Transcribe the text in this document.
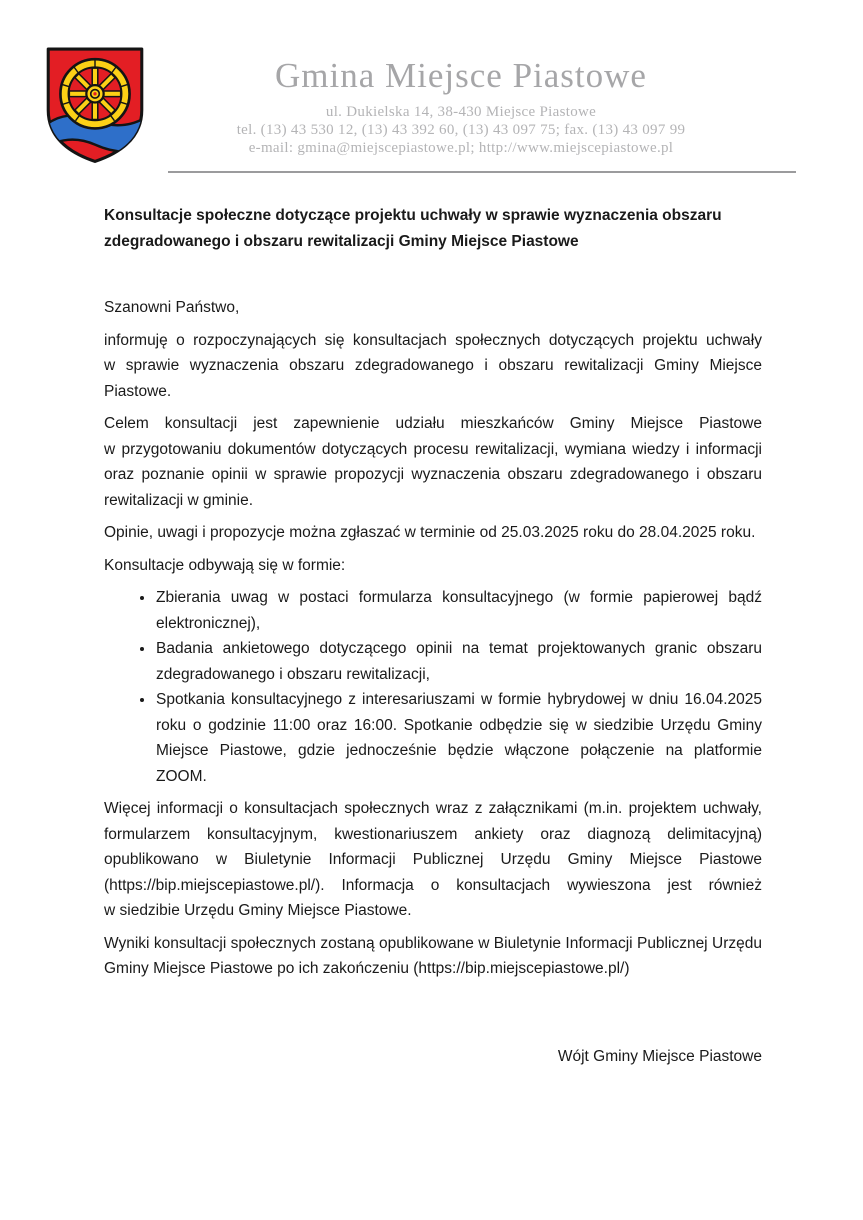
Gmina Miejsce Piastowe
ul. Dukielska 14, 38-430 Miejsce Piastowe
tel. (13) 43 530 12, (13) 43 392 60, (13) 43 097 75; fax. (13) 43 097 99
e-mail: gmina@miejscepiastowe.pl; http://www.miejscepiastowe.pl

Konsultacje społeczne dotyczące projektu uchwały w sprawie wyznaczenia obszaru zdegradowanego i obszaru rewitalizacji Gminy Miejsce Piastowe

Szanowni Państwo,

informuję o rozpoczynających się konsultacjach społecznych dotyczących projektu uchwały w sprawie wyznaczenia obszaru zdegradowanego i obszaru rewitalizacji Gminy Miejsce Piastowe.

Celem konsultacji jest zapewnienie udziału mieszkańców Gminy Miejsce Piastowe w przygotowaniu dokumentów dotyczących procesu rewitalizacji, wymiana wiedzy i informacji oraz poznanie opinii w sprawie propozycji wyznaczenia obszaru zdegradowanego i obszaru rewitalizacji w gminie.

Opinie, uwagi i propozycje można zgłaszać w terminie od 25.03.2025 roku do 28.04.2025 roku.

Konsultacje odbywają się w formie:

• Zbierania uwag w postaci formularza konsultacyjnego (w formie papierowej bądź elektronicznej),
• Badania ankietowego dotyczącego opinii na temat projektowanych granic obszaru zdegradowanego i obszaru rewitalizacji,
• Spotkania konsultacyjnego z interesariuszami w formie hybrydowej w dniu 16.04.2025 roku o godzinie 11:00 oraz 16:00. Spotkanie odbędzie się w siedzibie Urzędu Gminy Miejsce Piastowe, gdzie jednocześnie będzie włączone połączenie na platformie ZOOM.

Więcej informacji o konsultacjach społecznych wraz z załącznikami (m.in. projektem uchwały, formularzem konsultacyjnym, kwestionariuszem ankiety oraz diagnozą delimitacyjną) opublikowano w Biuletynie Informacji Publicznej Urzędu Gminy Miejsce Piastowe (https://bip.miejscepiastowe.pl/). Informacja o konsultacjach wywieszona jest również w siedzibie Urzędu Gminy Miejsce Piastowe.

Wyniki konsultacji społecznych zostaną opublikowane w Biuletynie Informacji Publicznej Urzędu Gminy Miejsce Piastowe po ich zakończeniu (https://bip.miejscepiastowe.pl/)

Wójt Gminy Miejsce Piastowe
